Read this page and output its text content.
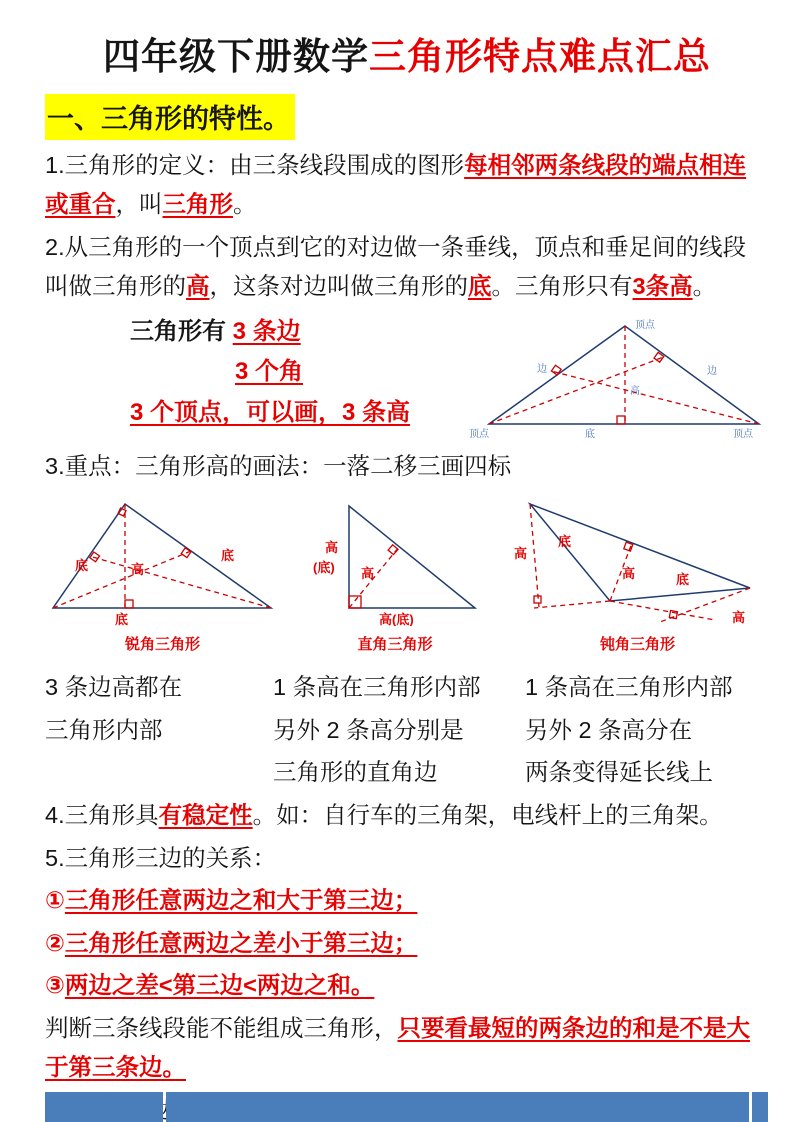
四年级下册数学三角形特点难点汇总
一、三角形的特性。

1.三角形的定义：由三条线段围成的图形每相邻两条线段的端点相连或重合，叫三角形。

2.从三角形的一个顶点到它的对边做一条垂线，顶点和垂足间的线段叫做三角形的高，这条对边叫做三角形的底。三角形只有3条高。

三角形有 3 条边
3 个角
3 个顶点，可以画，3 条高
顶点
边	边
高
底
顶点	顶点

3.重点：三角形高的画法：一落二移三画四标

底	高
底
底
锐角三角形
高
(底) 高
高(底)
直角三角形
高
底
高	底
高
钝角三角形
3 条边高都在
三角形内部
1 条高在三角形内部
另外 2 条高分别是
三角形的直角边
1 条高在三角形内部
另外 2 条高分在
两条变得延长线上

4.三角形具有稳定性。如：自行车的三角架，电线杆上的三角架。

5.三角形三边的关系：

①三角形任意两边之和大于第三边；

②三角形任意两边之差小于第三边；

③两边之差<第三边<两边之和。

判断三条线段能不能组成三角形，只要看最短的两条边的和是不是大于第三条边。
